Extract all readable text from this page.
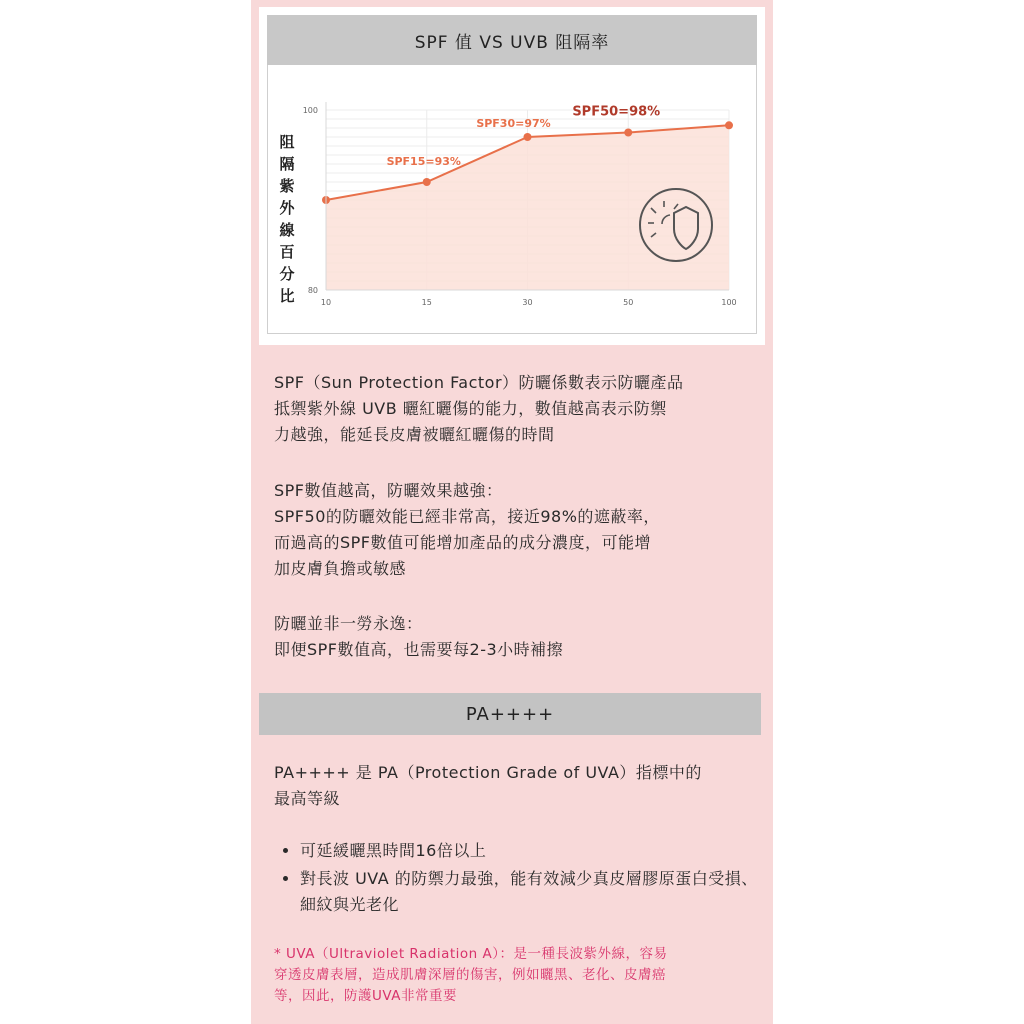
SPF 值 VS UVB 阻隔率
阻隔紫外線百分比
100
80
10	15	30	50	100
SPF15=93%
SPF30=97%
SPF50=98%
SPF（Sun Protection Factor）防曬係數表示防曬產品
抵禦紫外線 UVB 曬紅曬傷的能力，數值越高表示防禦
力越強，能延長皮膚被曬紅曬傷的時間
SPF數值越高，防曬效果越強：
SPF50的防曬效能已經非常高，接近98%的遮蔽率，
而過高的SPF數值可能增加產品的成分濃度，可能增
加皮膚負擔或敏感
防曬並非一勞永逸：
即便SPF數值高，也需要每2-3小時補擦
PA++++
PA++++ 是 PA（Protection Grade of UVA）指標中的
最高等級
• 可延緩曬黑時間16倍以上
• 對長波 UVA 的防禦力最強，能有效減少真皮層膠原蛋白受損、細紋與光老化
* UVA（Ultraviolet Radiation A）：是一種長波紫外線，容易
穿透皮膚表層，造成肌膚深層的傷害，例如曬黑、老化、皮膚癌
等，因此，防護UVA非常重要
